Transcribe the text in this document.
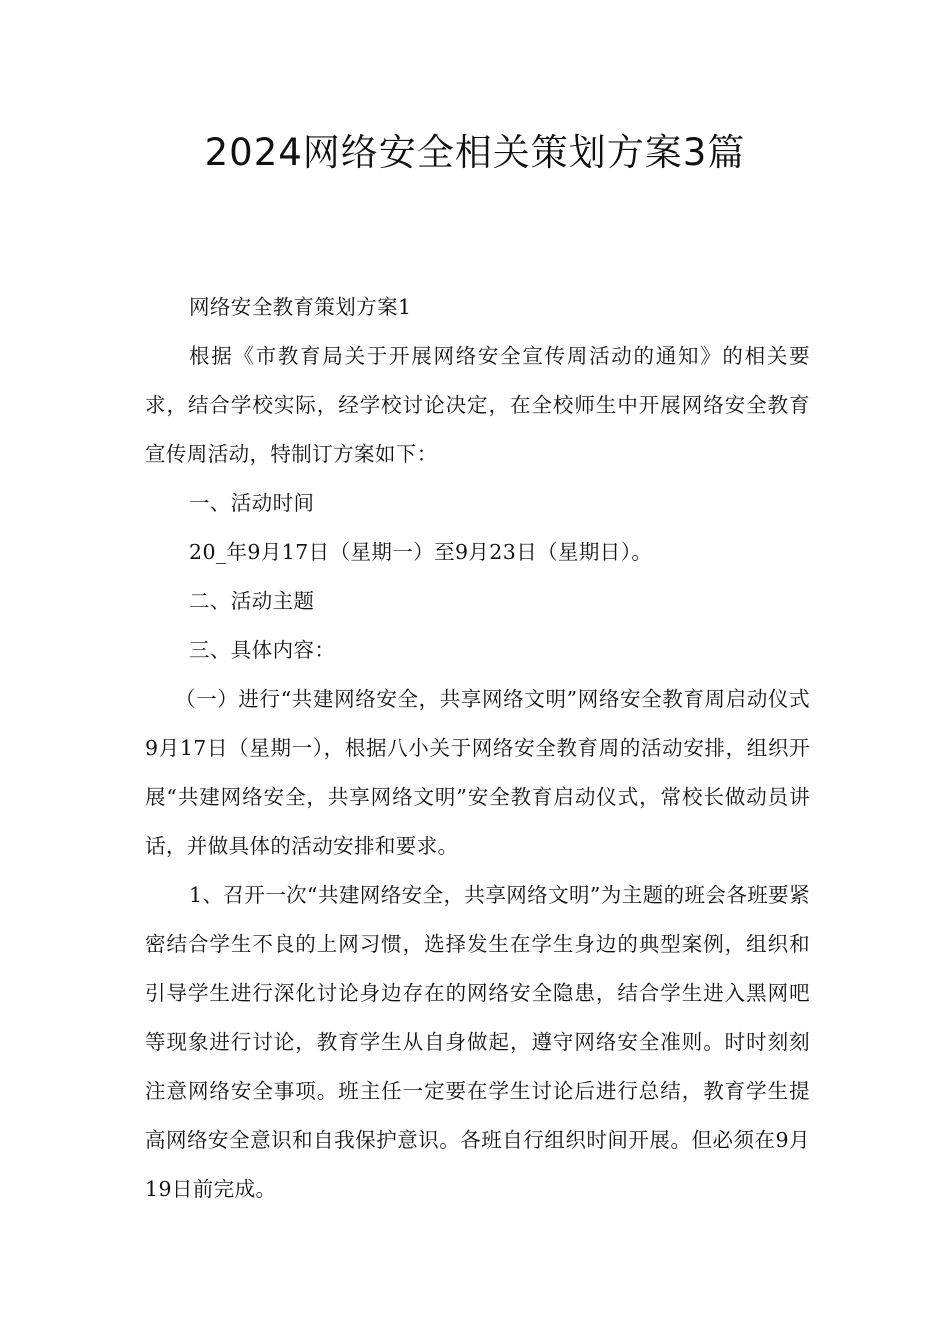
2024网络安全相关策划方案3篇

网络安全教育策划方案1

根据《市教育局关于开展网络安全宣传周活动的通知》的相关要求，结合学校实际，经学校讨论决定，在全校师生中开展网络安全教育宣传周活动，特制订方案如下：

一、活动时间

20_年9月17日（星期一）至9月23日（星期日）。

二、活动主题

三、具体内容：

（一）进行“共建网络安全，共享网络文明”网络安全教育周启动仪式9月17日（星期一），根据八小关于网络安全教育周的活动安排，组织开展“共建网络安全，共享网络文明”安全教育启动仪式，常校长做动员讲话，并做具体的活动安排和要求。

1、召开一次“共建网络安全，共享网络文明”为主题的班会各班要紧密结合学生不良的上网习惯，选择发生在学生身边的典型案例，组织和引导学生进行深化讨论身边存在的网络安全隐患，结合学生进入黑网吧等现象进行讨论，教育学生从自身做起，遵守网络安全准则。时时刻刻注意网络安全事项。班主任一定要在学生讨论后进行总结，教育学生提高网络安全意识和自我保护意识。各班自行组织时间开展。但必须在9月19日前完成。
